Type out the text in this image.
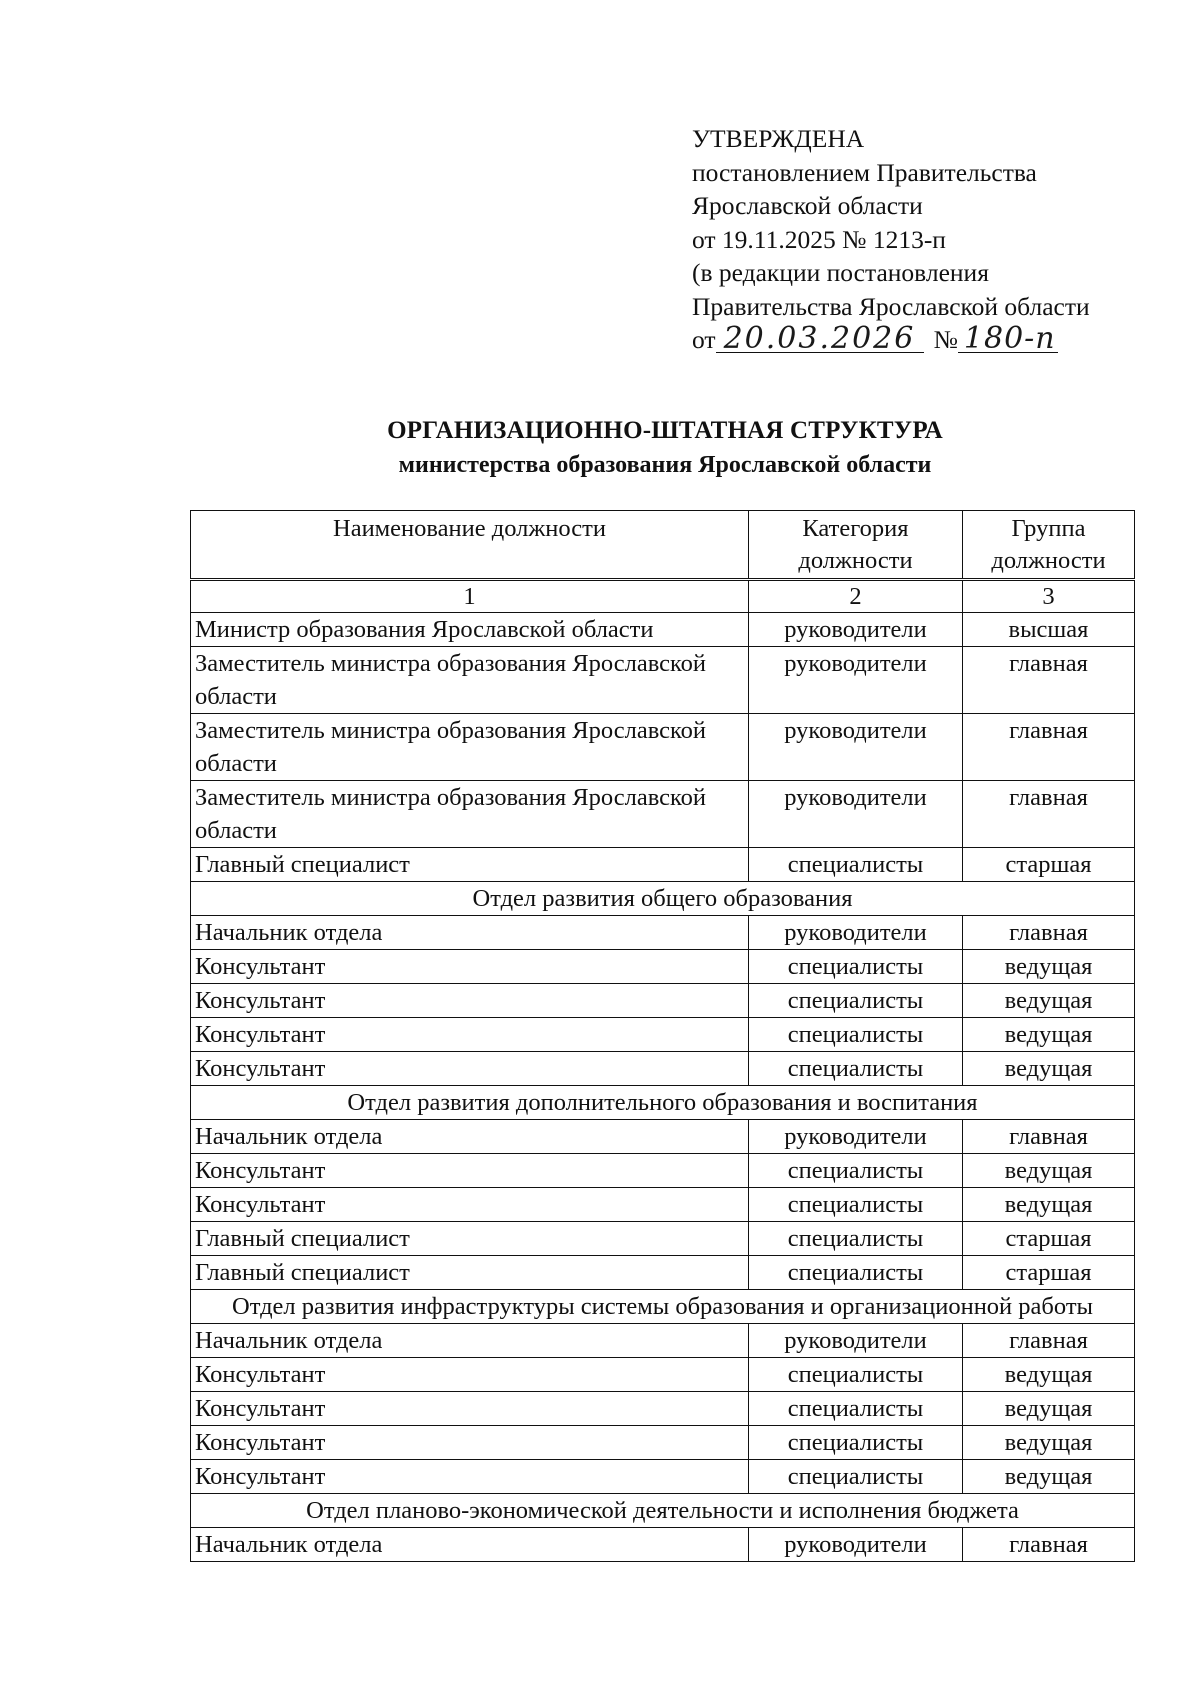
УТВЕРЖДЕНА
постановлением Правительства
Ярославской области
от 19.11.2025 № 1213-п
(в редакции постановления
Правительства Ярославской области
от 20.03.2026 № 180-п
ОРГАНИЗАЦИОННО-ШТАТНАЯ СТРУКТУРА
министерства образования Ярославской области
Наименование должности	Категория должности	Группа должности
1	2	3
Министр образования Ярославской области	руководители	высшая
Заместитель министра образования Ярославской области	руководители	главная
Заместитель министра образования Ярославской области	руководители	главная
Заместитель министра образования Ярославской области	руководители	главная
Главный специалист	специалисты	старшая
Отдел развития общего образования		
Начальник отдела	руководители	главная
Консультант	специалисты	ведущая
Консультант	специалисты	ведущая
Консультант	специалисты	ведущая
Консультант	специалисты	ведущая
Отдел развития дополнительного образования и воспитания		
Начальник отдела	руководители	главная
Консультант	специалисты	ведущая
Консультант	специалисты	ведущая
Главный специалист	специалисты	старшая
Главный специалист	специалисты	старшая
Отдел развития инфраструктуры системы образования и организационной работы		
Начальник отдела	руководители	главная
Консультант	специалисты	ведущая
Консультант	специалисты	ведущая
Консультант	специалисты	ведущая
Консультант	специалисты	ведущая
Отдел планово-экономической деятельности и исполнения бюджета		
Начальник отдела	руководители	главная
